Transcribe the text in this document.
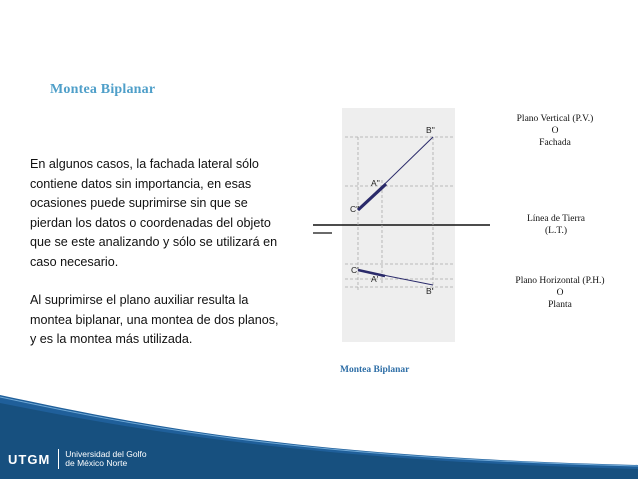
Montea Biplanar

En algunos casos, la fachada lateral sólo contiene datos sin importancia, en esas ocasiones puede suprimirse sin que se pierdan los datos o coordenadas del objeto que se este analizando y sólo se utilizará en caso necesario.

Al suprimirse el plano auxiliar resulta la montea biplanar, una montea de dos planos, y es la montea más utilizada.

B''
A''
C''
C'
A'
B'
Plano Vertical (P.V.)
O
Fachada
Línea de Tierra
(L.T.)
Plano Horizontal (P.H.)
O
Planta
Montea Biplanar
UTGM Universidad del Golfo
de México Norte
